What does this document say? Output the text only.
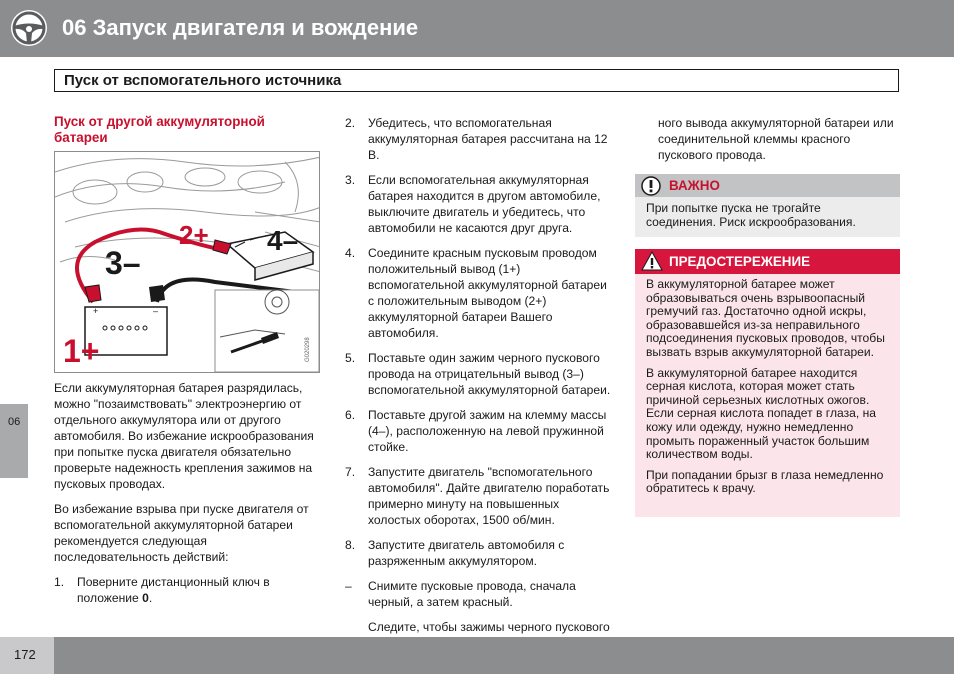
06 Запуск двигателя и вождение
Пуск от вспомогательного источника
06
Пуск от другой аккумуляторной батареи
+	–
2+
3–
4–
1+	G020298

Если аккумуляторная батарея разрядилась, можно "позаимствовать" электроэнергию от отдельного аккумулятора или от другого автомобиля. Во избежание искрообразования при попытке пуска двигателя обязательно проверьте надежность крепления зажимов на пусковых проводах.

Во избежание взрыва при пуске двигателя от вспомогательной аккумуляторной батареи рекомендуется следующая последовательность действий:

1. Поверните дистанционный ключ в положение 0.
2. Убедитесь, что вспомогательная аккумуляторная батарея рассчитана на 12 В.
3. Если вспомогательная аккумуляторная батарея находится в другом автомобиле, выключите двигатель и убедитесь, что автомобили не касаются друг друга.
4. Соедините красным пусковым проводом положительный вывод (1+) вспомогательной аккумуляторной батареи с положительным выводом (2+) аккумуляторной батареи Вашего автомобиля.
5. Поставьте один зажим черного пускового провода на отрицательный вывод (3–) вспомогательной аккумуляторной батареи.
6. Поставьте другой зажим на клемму массы (4–), расположенную на левой пружинной стойке.
7. Запустите двигатель "вспомогательного автомобиля". Дайте двигателю поработать примерно минуту на повышенных холостых оборотах, 1500 об/мин.
8. Запустите двигатель автомобиля с разряженным аккумулятором.
– Снимите пусковые провода, сначала черный, а затем красный.
Следите, чтобы зажимы черного пускового
ного вывода аккумуляторной батареи или соединительной клеммы красного пускового провода.
ВАЖНО
При попытке пуска не трогайте соединения. Риск искрообразования.
ПРЕДОСТЕРЕЖЕНИЕ

В аккумуляторной батарее может образовываться очень взрывоопасный гремучий газ. Достаточно одной искры, образовавшейся из-за неправильного подсоединения пусковых проводов, чтобы вызвать взрыв аккумуляторной батареи.

В аккумуляторной батарее находится серная кислота, которая может стать причиной серьезных кислотных ожогов. Если серная кислота попадет в глаза, на кожу или одежду, нужно немедленно промыть пораженный участок большим количеством воды.

При попадании брызг в глаза немедленно обратитесь к врачу.

172
